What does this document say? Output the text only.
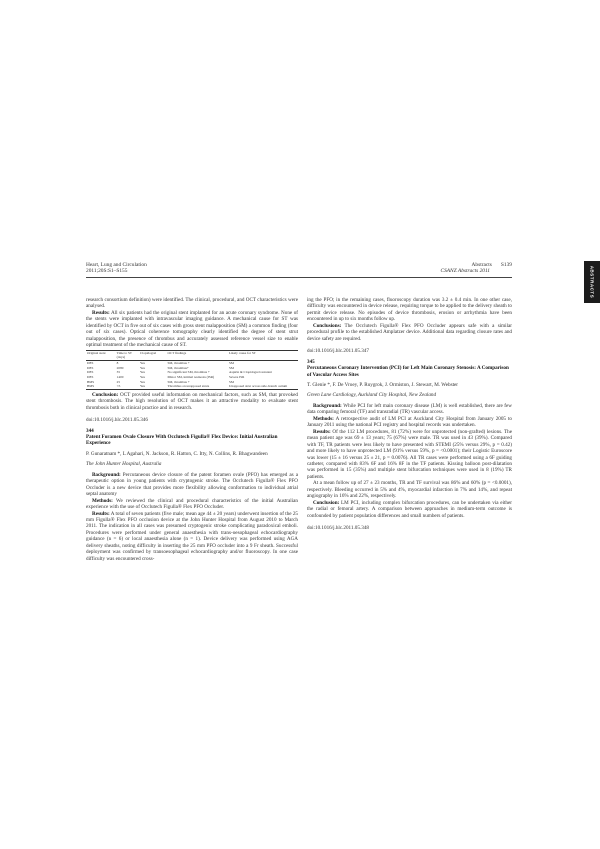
Heart, Lung and Circulation
2011;20S:S1–S155
Abstracts S139
CSANZ Abstracts 2011	ABSTRACTS

research consortium definition) were identified. The clinical, procedural, and OCT characteristics were analysed.

Results: All six patients had the original stent implanted for an acute coronary syndrome. None of the stents were implanted with intravascular imaging guidance. A mechanical cause for ST was identified by OCT in five out of six cases with gross stent malapposition (SM) a common finding (four out of six cases). Optical coherence tomography clearly identified the degree of stent strut malapposition, the presence of thrombus and accurately assessed reference vessel size to enable optimal treatment of the mechanical cause of ST.

Original stent	Time to ST (days)	Clopidogrel	OCT findings	Likely cause for ST
DES	8	Yes	SM, thrombus +	SM
DES	2080	Yes	SM, thrombus+	SM
DES	35	Yes	No significant SM, thrombus +	Aspirin & Clopidogrel resistant
DES	1400	Yes	Minor SM, intimal resinosis (ISR)	Severe ISR
BMS	25	Yes	SM, thrombus +	SM
BMS	<5	Yes	Thrombus on unapposed struts	Unapposed strut across side-branch ostium

Conclusion: OCT provided useful information on mechanical factors, such as SM, that provoked stent thrombosis. The high resolution of OCT makes it an attractive modality to evaluate stent thrombosis both in clinical practice and in research.

doi:10.1016/j.hlc.2011.05.346

344

Patent Foramen Ovale Closure With Occlutech Figulla® Flex Device: Initial Australian Experience

P. Gunaratnam *, L Agahari, N. Jackson, R. Hatton, C. Itty, N. Collins, R. Bhagwandeen

The John Hunter Hospital, Australia

Background: Percutaneous device closure of the patent foramen ovale (PFO) has emerged as a therapeutic option in young patients with cryptogenic stroke. The Occlutech Figulla® Flex PFO Occluder is a new device that provides more flexibility allowing conformation to individual atrial septal anatomy

Methods: We reviewed the clinical and procedural characteristics of the initial Australian experience with the use of Occlutech Figulla® Flex PFO Occluder.

Results: A total of seven patients (five male; mean age 44 ± 20 years) underwent insertion of the 25 mm Figulla® Flex PFO occlusion device at the John Hunter Hospital from August 2010 to March 2011. The indication in all cases was presumed cryptogenic stroke complicating paradoxical emboli. Procedures were performed under general anaesthesia with trans-oesophageal echocardiography guidance (n = 6) or local anaesthesia alone (n = 1). Device delivery was performed using AGA delivery sheaths, noting difficulty in inserting the 25 mm PFO occluder into a 9 Fr sheath. Successful deployment was confirmed by transoesophageal echocardiography and/or fluoroscopy. In one case difficulty was encountered cross-

ing the PFO; in the remaining cases, fluoroscopy duration was 3.2 ± 0.4 min. In one other case, difficulty was encountered in device release, requiring torque to be applied to the delivery sheath to permit device release. No episodes of device thrombosis, erosion or arrhythmia have been encountered in up to six months follow up.

Conclusions: The Occlutech Figulla® Flex PFO Occluder appears safe with a similar procedural profile to the established Amplatzer device. Additional data regarding closure rates and device safety are required.

doi:10.1016/j.hlc.2011.05.347

345

Percutaneous Coronary Intervention (PCI) for Left Main Coronary Stenosis: A Comparison of Vascular Access Sites

T. Glenie *, F. De Vroey, P. Ruygrok, J. Ormiston, J. Stewart, M. Webster

Green Lane Cardiology, Auckland City Hospital, New Zealand

Background: While PCI for left main coronary disease (LM) is well established, there are few data comparing femoral (TF) and transradial (TR) vascular access.

Methods: A retrospective audit of LM PCI at Auckland City Hospital from January 2005 to January 2011 using the national PCI registry and hospital records was undertaken.

Results: Of the 112 LM procedures, 81 (72%) were for unprotected (non-grafted) lesions. The mean patient age was 69 ± 13 years; 75 (67%) were male. TR was used in 43 (39%). Compared with TF, TR patients were less likely to have presented with STEMI (25% versus 29%, p = 0.42) and more likely to have unprotected LM (91% versus 59%, p = <0.0001); their Logistic Euroscore was lower (15 ± 16 versus 25 ± 21, p = 0.0076). All TR cases were performed using a 6F guiding catheter, compared with 83% 6F and 16% 8F in the TF patients. Kissing balloon post-dilatation was performed in 15 (35%) and multiple stent bifurcation techniques were used in 8 (19%) TR patients.

At a mean follow up of 27 ± 23 months, TR and TF survival was 86% and 60% (p = <0.0001), respectively. Bleeding occurred in 5% and 4%, myocardial infarction in 7% and 14%, and repeat angiography in 16% and 22%, respectively.

Conclusion: LM PCI, including complex bifurcation procedures, can be undertaken via either the radial or femoral artery. A comparison between approaches in medium-term outcome is confounded by patient population differences and small numbers of patients.

doi:10.1016/j.hlc.2011.05.348
